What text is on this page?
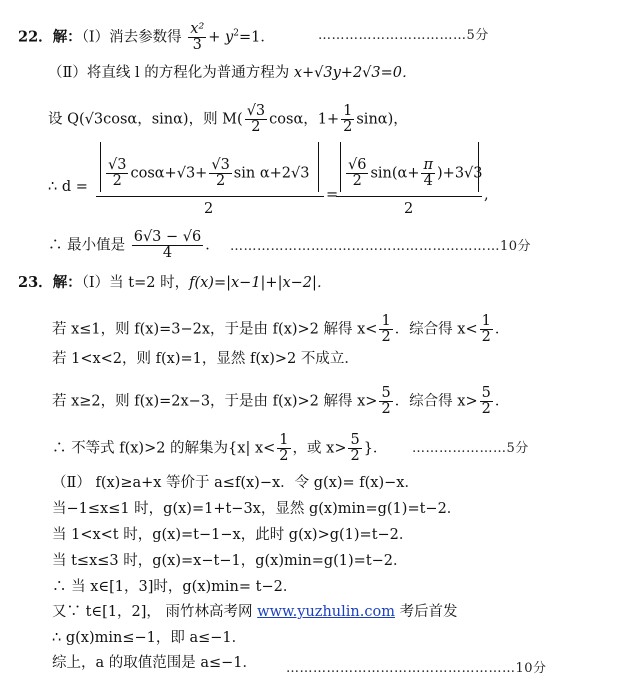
22．解：（Ⅰ）消去参数得 $\frac{\text{x²}}{3} + y^2=1$．	……………………………5分
（Ⅱ）将直线 l 的方程化为普通方程为 x+√3y+2√3=0．
设 Q(√3cosα，sinα)，则 $M( \frac{√3}{2}$ cosα，$1+ \frac{1}{2} \sin\alpha$)，
∴ $d = \frac{√3}{2} \cos\alpha+√3+ \frac{√3}{2}$ sin α+2√3
2
=
$\frac{√6}{2} \sin(\alpha+ \frac{\pi}{4} )+3√3$
2
,
∴ 最小值是 $\frac{6√3 - √6}{4}$ ． ……………………………………………………10分
23．解：（Ⅰ）当 t=2 时，f(x)=|x−1|+|x−2|．
若 x≤1，则 f(x)=3−2x，于是由 f(x)>2 解得 $x< \frac{1}{2}$ ．综合得 $x< \frac{1}{2}$ ．
若 1<x<2，则 f(x)=1，显然 f(x)>2 不成立．
若 x≥2，则 f(x)=2x−3，于是由 f(x)>2 解得 $x> \frac{5}{2}$ ．综合得 $x> \frac{5}{2}$ ．
∴ 不等式 f(x)>2 的解集为{x| $x< \frac{1}{2}$ ，或 $x> \frac{5}{2}$ }． …………………5分
（Ⅱ） f(x)≥a+x 等价于 a≤f(x)−x．令 g(x)= f(x)−x．
当−1≤x≤1 时，g(x)=1+t−3x，显然 g(x)min=g(1)=t−2．
当 1<x<t 时，g(x)=t−1−x，此时 g(x)>g(1)=t−2．
当 t≤x≤3 时，g(x)=x−t−1，g(x)min=g(1)=t−2．
∴ 当 x∈[1，3]时，g(x)min= t−2．
又∵ t∈[1，2]， 雨竹林高考网 www.yuzhulin.com 考后首发
∴ g(x)min≤−1，即 a≤−1．
综上，a 的取值范围是 a≤−1． ……………………………………………10分
